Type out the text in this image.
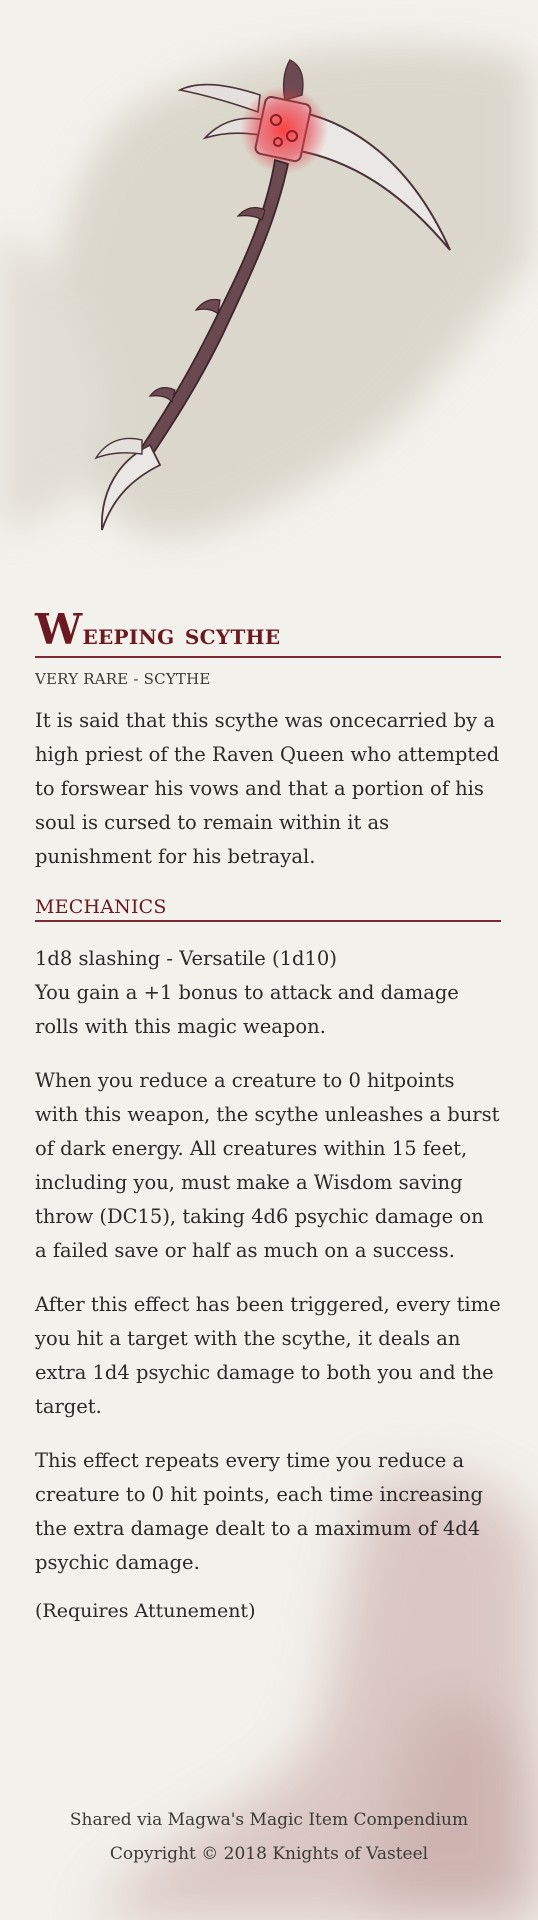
Weeping scythe
VERY RARE - SCYTHE

It is said that this scythe was oncecarried by a high priest of the Raven Queen who attempted to forswear his vows and that a portion of his soul is cursed to remain within it as punishment for his betrayal.

MECHANICS

1d8 slashing - Versatile (1d10)

You gain a +1 bonus to attack and damage rolls with this magic weapon.

When you reduce a creature to 0 hitpoints with this weapon, the scythe unleashes a burst of dark energy. All creatures within 15 feet, including you, must make a Wisdom saving throw (DC15), taking 4d6 psychic damage on a failed save or half as much on a success.

After this effect has been triggered, every time you hit a target with the scythe, it deals an extra 1d4 psychic damage to both you and the target.

This effect repeats every time you reduce a creature to 0 hit points, each time increasing the extra damage dealt to a maximum of 4d4 psychic damage.

(Requires Attunement)

Shared via Magwa's Magic Item Compendium
Copyright © 2018 Knights of Vasteel
